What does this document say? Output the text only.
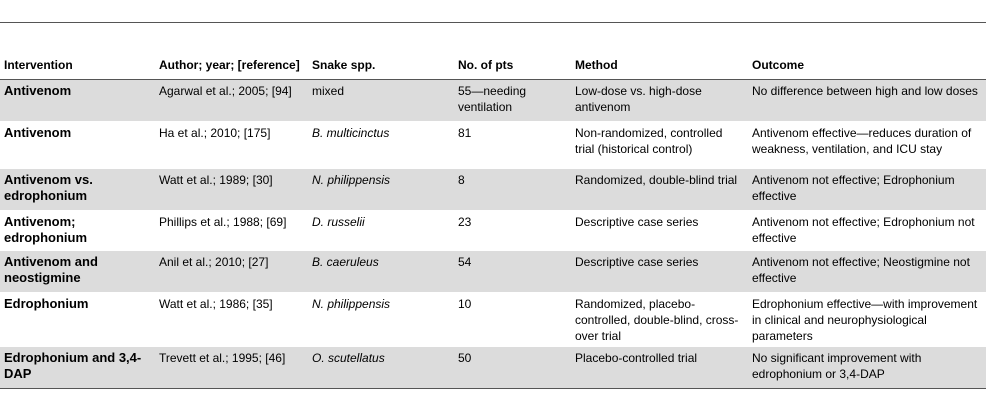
Intervention	Author; year; [reference]	Snake spp.	No. of pts	Method	Outcome
Antivenom	Agarwal et al.; 2005; [94]	mixed	55—needing ventilation	Low-dose vs. high-dose antivenom	No difference between high and low doses
Antivenom	Ha et al.; 2010; [175]	B. multicinctus	81	Non-randomized, controlled trial (historical control)	Antivenom effective—reduces duration of weakness, ventilation, and ICU stay
Antivenom vs. edrophonium	Watt et al.; 1989; [30]	N. philippensis	8	Randomized, double-blind trial	Antivenom not effective; Edrophonium effective
Antivenom; edrophonium	Phillips et al.; 1988; [69]	D. russelii	23	Descriptive case series	Antivenom not effective; Edrophonium not effective
Antivenom and neostigmine	Anil et al.; 2010; [27]	B. caeruleus	54	Descriptive case series	Antivenom not effective; Neostigmine not effective
Edrophonium	Watt et al.; 1986; [35]	N. philippensis	10	Randomized, placebo-controlled, double-blind, cross-over trial	Edrophonium effective—with improvement in clinical and neurophysiological parameters
Edrophonium and 3,4-DAP	Trevett et al.; 1995; [46]	O. scutellatus	50	Placebo-controlled trial	No significant improvement with edrophonium or 3,4-DAP
